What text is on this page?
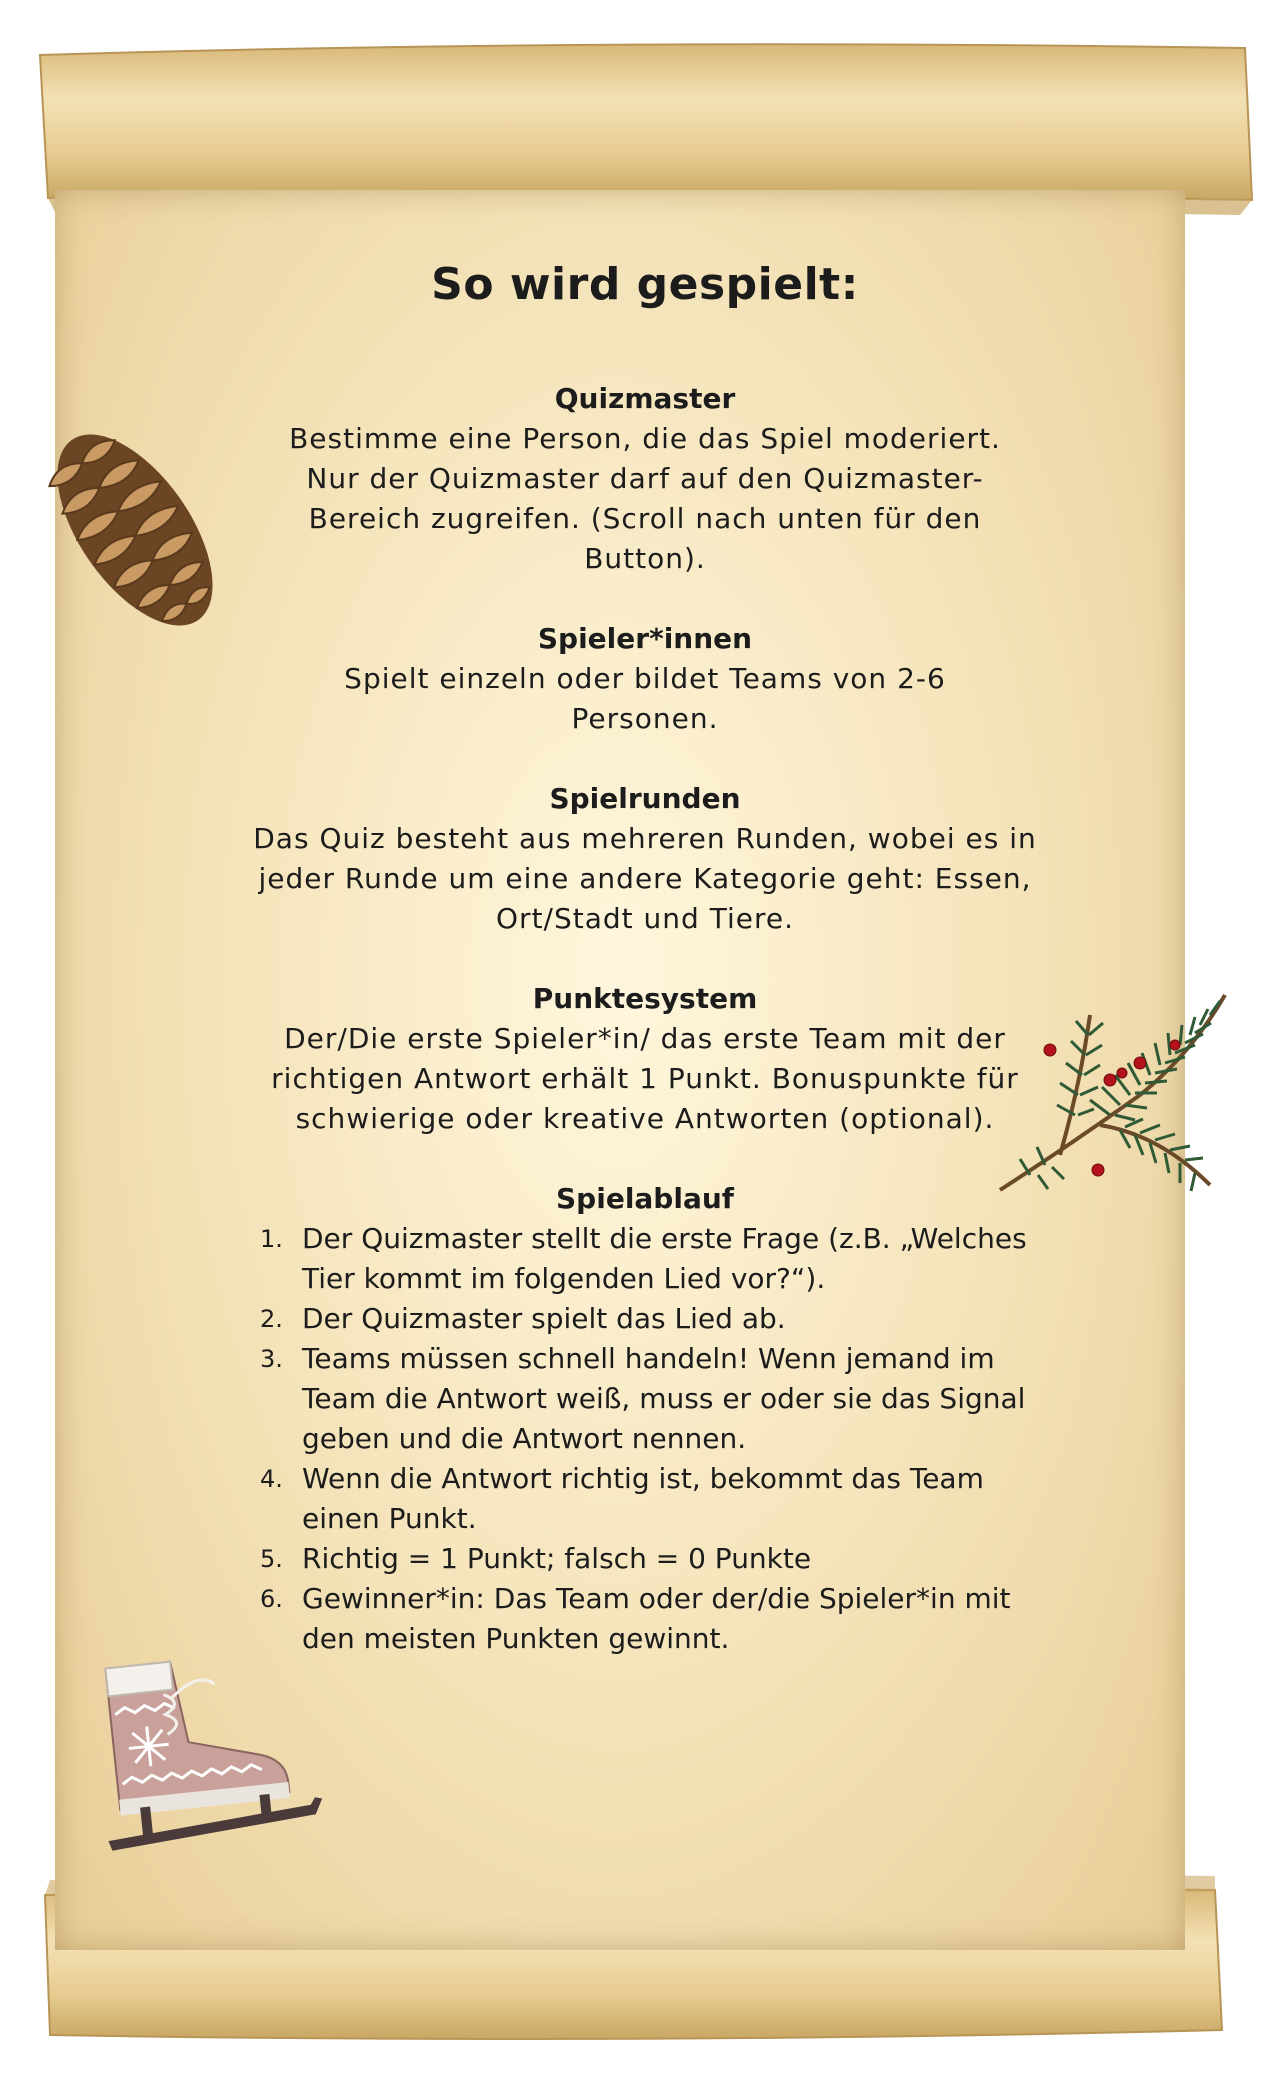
So wird gespielt:
Quizmaster
Bestimme eine Person, die das Spiel moderiert. Nur der Quizmaster darf auf den Quizmaster-Bereich zugreifen. (Scroll nach unten für den Button).
Spieler*innen
Spielt einzeln oder bildet Teams von 2-6 Personen.
Spielrunden
Das Quiz besteht aus mehreren Runden, wobei es in jeder Runde um eine andere Kategorie geht: Essen, Ort/Stadt und Tiere.
Punktesystem
Der/Die erste Spieler*in/ das erste Team mit der richtigen Antwort erhält 1 Punkt. Bonuspunkte für schwierige oder kreative Antworten (optional).
Spielablauf
1. Der Quizmaster stellt die erste Frage (z.B. „Welches Tier kommt im folgenden Lied vor?“).
2. Der Quizmaster spielt das Lied ab.
3. Teams müssen schnell handeln! Wenn jemand im Team die Antwort weiß, muss er oder sie das Signal geben und die Antwort nennen.
4. Wenn die Antwort richtig ist, bekommt das Team einen Punkt.
5. Richtig = 1 Punkt; falsch = 0 Punkte
6. Gewinner*in: Das Team oder der/die Spieler*in mit den meisten Punkten gewinnt.
